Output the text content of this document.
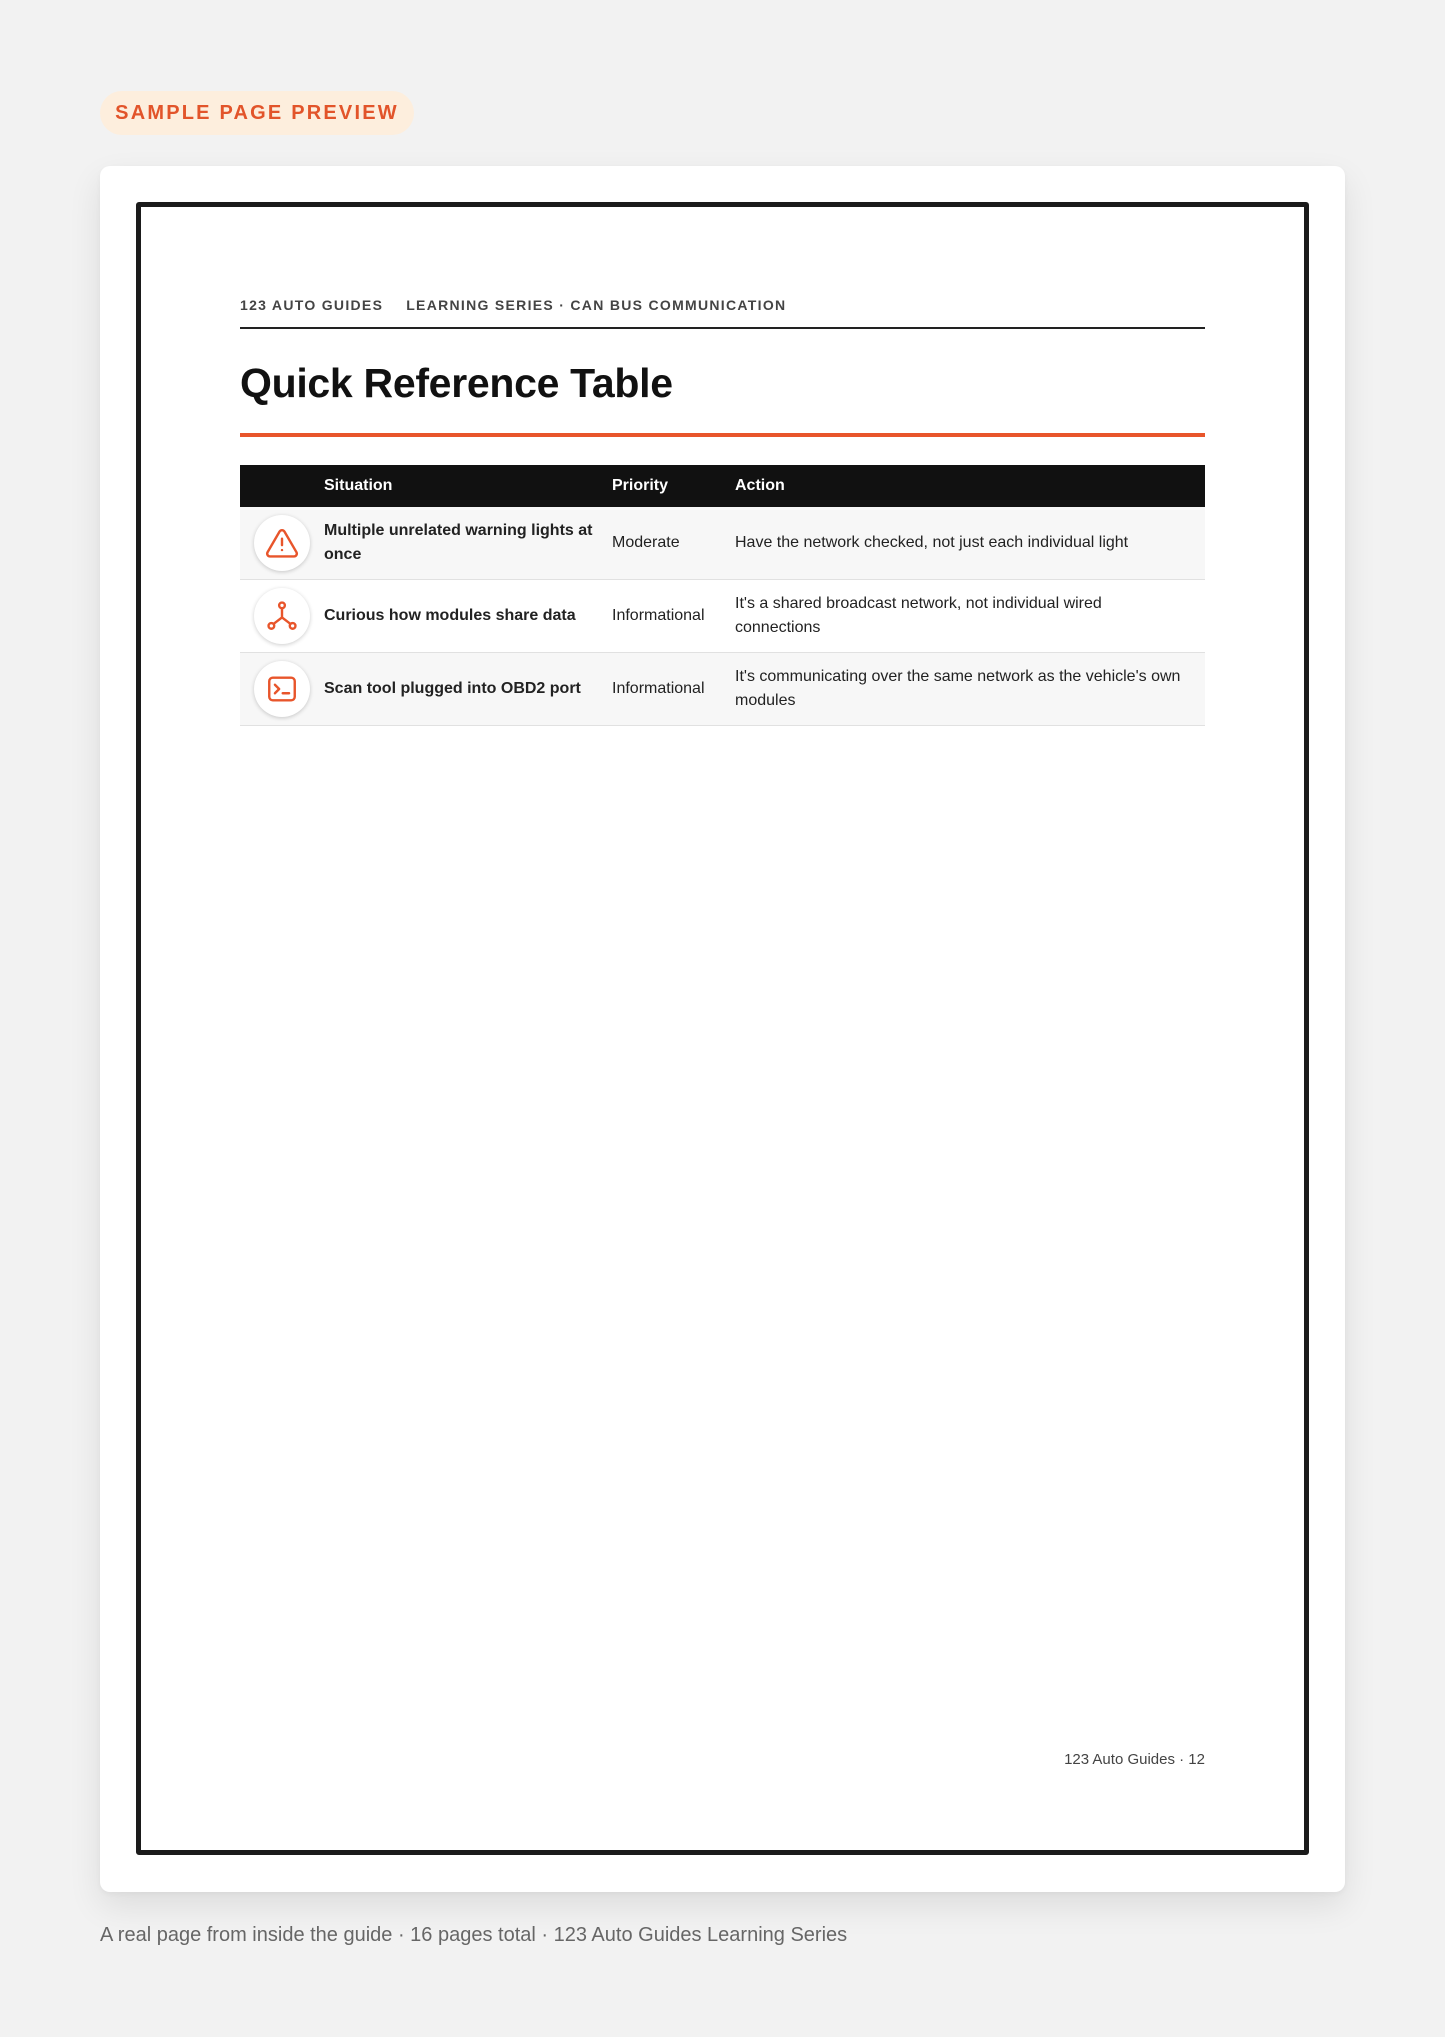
SAMPLE PAGE PREVIEW
123 AUTO GUIDES LEARNING SERIES · CAN BUS COMMUNICATION
Quick Reference Table
	Situation	Priority	Action

	Multiple unrelated warning lights at once	Moderate	Have the network checked, not just each individual light

	Curious how modules share data	Informational	It's a shared broadcast network, not individual wired connections

	Scan tool plugged into OBD2 port	Informational	It's communicating over the same network as the vehicle's own modules
123 Auto Guides · 12
A real page from inside the guide · 16 pages total · 123 Auto Guides Learning Series
